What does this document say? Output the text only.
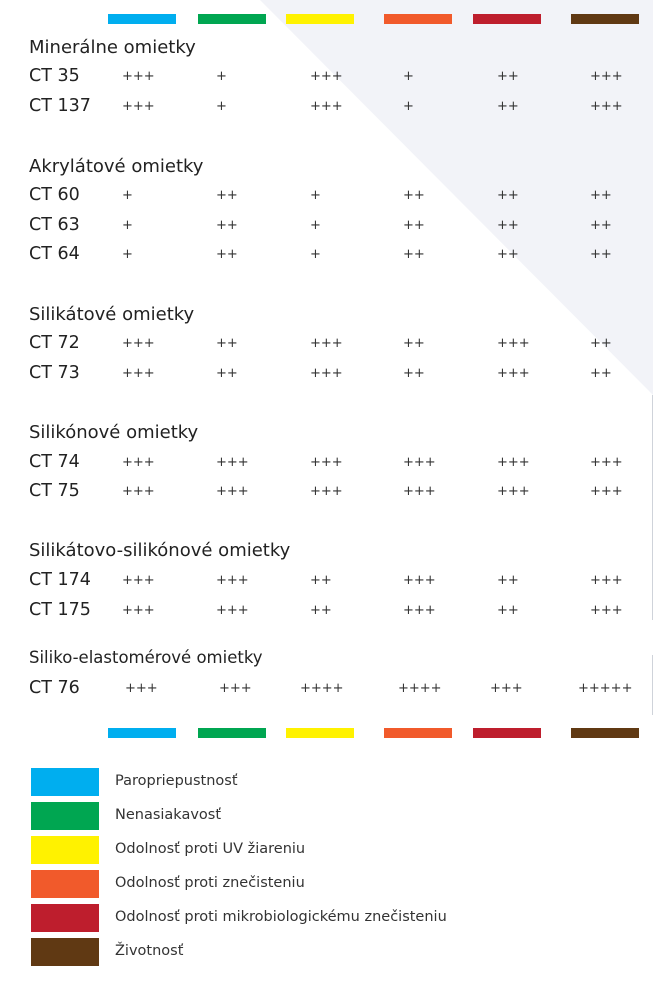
Minerálne omietky
CT 35	+++	+	+++	+	++	+++
CT 137 +++	+	+++	+	++	+++
Akrylátové omietky
CT 60	+	++	+	++	++	++
CT 63	+	++	+	++	++	++
CT 64	+	++	+	++	++	++
Silikátové omietky
CT 72	+++	++	+++	++	+++	++
CT 73	+++	++	+++	++	+++	++
Silikónové omietky
CT 74	+++	+++	+++	+++	+++	+++
CT 75	+++	+++	+++	+++	+++	+++
Silikátovo-silikónové omietky
CT 174 +++	+++	++	+++	++	+++
CT 175 +++	+++	++	+++	++	+++
Siliko-elastomérové omietky
CT 76	+++	+++	++++	++++	+++	+++++
Paropriepustnosť
Nenasiakavosť
Odolnosť proti UV žiareniu
Odolnosť proti znečisteniu
Odolnosť proti mikrobiologickému znečisteniu
Životnosť
